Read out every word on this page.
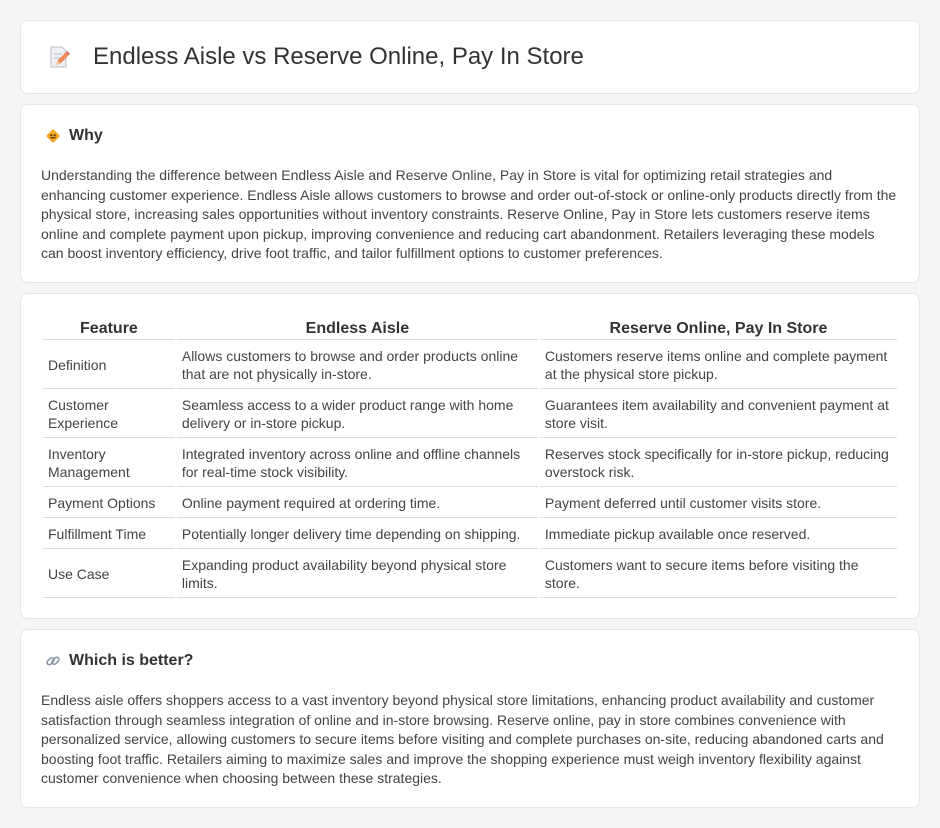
Endless Aisle vs Reserve Online, Pay In Store
Why

Understanding the difference between Endless Aisle and Reserve Online, Pay in Store is vital for optimizing retail strategies and enhancing customer experience. Endless Aisle allows customers to browse and order out-of-stock or online-only products directly from the physical store, increasing sales opportunities without inventory constraints. Reserve Online, Pay in Store lets customers reserve items online and complete payment upon pickup, improving convenience and reducing cart abandonment. Retailers leveraging these models can boost inventory efficiency, drive foot traffic, and tailor fulfillment options to customer preferences.

Feature	Endless Aisle	Reserve Online, Pay In Store
Definition	Allows customers to browse and order products online that are not physically in-store.	Customers reserve items online and complete payment at the physical store pickup.
Customer Experience	Seamless access to a wider product range with home delivery or in-store pickup.	Guarantees item availability and convenient payment at store visit.
Inventory Management	Integrated inventory across online and offline channels for real-time stock visibility.	Reserves stock specifically for in-store pickup, reducing overstock risk.
Payment Options	Online payment required at ordering time.	Payment deferred until customer visits store.
Fulfillment Time	Potentially longer delivery time depending on shipping.	Immediate pickup available once reserved.
Use Case	Expanding product availability beyond physical store limits.	Customers want to secure items before visiting the store.
Which is better?

Endless aisle offers shoppers access to a vast inventory beyond physical store limitations, enhancing product availability and customer satisfaction through seamless integration of online and in-store browsing. Reserve online, pay in store combines convenience with personalized service, allowing customers to secure items before visiting and complete purchases on-site, reducing abandoned carts and boosting foot traffic. Retailers aiming to maximize sales and improve the shopping experience must weigh inventory flexibility against customer convenience when choosing between these strategies.
